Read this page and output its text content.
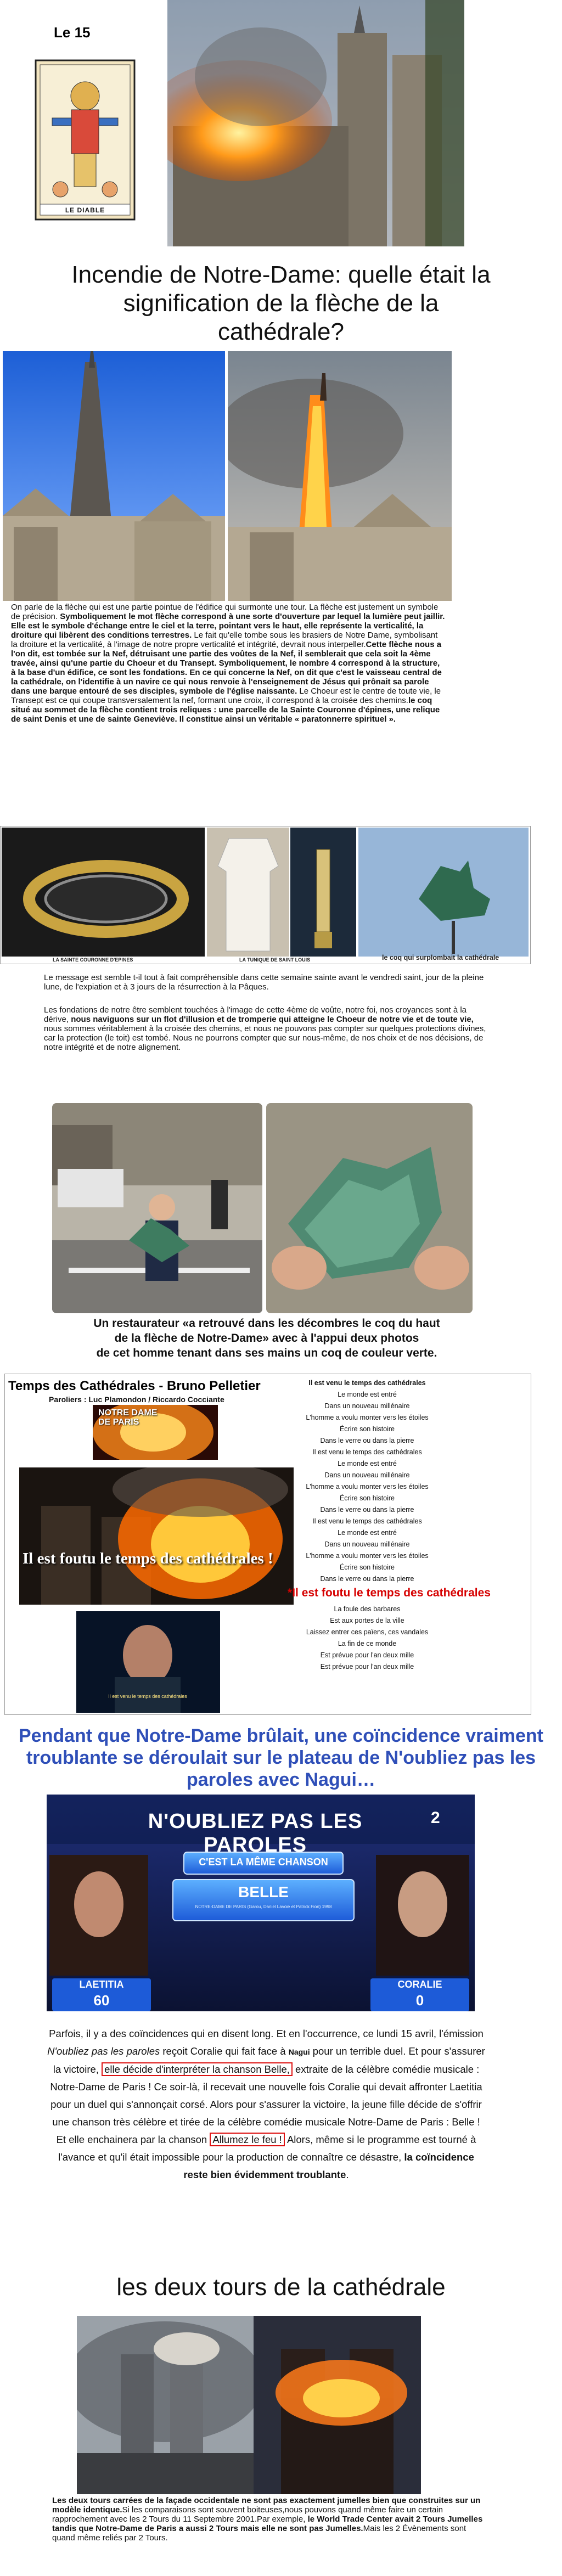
Le 15
LE DIABLE
Incendie de Notre-Dame: quelle était la signification de la flèche de la cathédrale?
On parle de la flèche qui est une partie pointue de l'édifice qui surmonte une tour. La flèche est justement un symbole de précision. Symboliquement le mot flèche correspond à une sorte d'ouverture par lequel la lumière peut jaillir. Elle est le symbole d'échange entre le ciel et la terre, pointant vers le haut, elle représente la verticalité, la droiture qui libèrent des conditions terrestres. Le fait qu'elle tombe sous les brasiers de Notre Dame, symbolisant la droiture et la verticalité, à l'image de notre propre verticalité et intégrité, devrait nous interpeller.Cette flèche nous a l'on dit, est tombée sur la Nef, détruisant une partie des voûtes de la Nef, il semblerait que cela soit la 4ème travée, ainsi qu'une partie du Choeur et du Transept. Symboliquement, le nombre 4 correspond à la structure, à la base d'un édifice, ce sont les fondations. En ce qui concerne la Nef, on dit que c'est le vaisseau central de la cathédrale, on l'identifie à un navire ce qui nous renvoie à l'enseignement de Jésus qui prônait sa parole dans une barque entouré de ses disciples, symbole de l'église naissante. Le Choeur est le centre de toute vie, le Transept est ce qui coupe transversalement la nef, formant une croix, il correspond à la croisée des chemins.le coq situé au sommet de la flèche contient trois reliques : une parcelle de la Sainte Couronne d'épines, une relique de saint Denis et une de sainte Geneviève. Il constitue ainsi un véritable « paratonnerre spirituel ».
LA SAINTE COURONNE D'EPINES	LA TUNIQUE DE SAINT LOUIS	le coq qui surplombait la cathédrale
Le message est semble t-il tout à fait compréhensible dans cette semaine sainte avant le vendredi saint, jour de la pleine lune, de l'expiation et à 3 jours de la résurrection à la Pâques.
Les fondations de notre être semblent touchées à l'image de cette 4ème de voûte, notre foi, nos croyances sont à la dérive, nous naviguons sur un flot d'illusion et de tromperie qui atteigne le Choeur de notre vie et de toute vie, nous sommes véritablement à la croisée des chemins, et nous ne pouvons pas compter sur quelques protections divines, car la protection (le toit) est tombé. Nous ne pourrons compter que sur nous-même, de nos choix et de nos décisions, de notre intégrité et de notre alignement.
Un restaurateur «a retrouvé dans les décombres le coq du haut
de la flèche de Notre-Dame» avec à l'appui deux photos
de cet homme tenant dans ses mains un coq de couleur verte.
Temps des Cathédrales - Bruno Pelletier
Paroliers : Luc Plamondon / Riccardo Cocciante
NOTRE DAME DE PARIS
Il est foutu le temps des cathédrales !
Il est venu le temps des cathédrales
Il est venu le temps des cathédrales
Le monde est entré
Dans un nouveau millénaire
L'homme a voulu monter vers les étoiles
Écrire son histoire
Dans le verre ou dans la pierre
Il est venu le temps des cathédrales
Le monde est entré
Dans un nouveau millénaire
L'homme a voulu monter vers les étoiles
Écrire son histoire
Dans le verre ou dans la pierre
Il est venu le temps des cathédrales
Le monde est entré
Dans un nouveau millénaire
L'homme a voulu monter vers les étoiles
Écrire son histoire
Dans le verre ou dans la pierre
*Il est foutu le temps des cathédrales
La foule des barbares
Est aux portes de la ville
Laissez entrer ces païens, ces vandales
La fin de ce monde
Est prévue pour l'an deux mille
Est prévue pour l'an deux mille
Pendant que Notre-Dame brûlait, une coïncidence vraiment troublante se déroulait sur le plateau de N'oubliez pas les paroles avec Nagui…
N'OUBLIEZ PAS LES PAROLES
2
C'EST LA MÊME CHANSON
BELLE
NOTRE-DAME DE PARIS (Garou, Daniel Lavoie et Patrick Fiori) 1998
LAETITIA
60
CORALIE
0
Parfois, il y a des coïncidences qui en disent long. Et en l'occurrence, ce lundi 15 avril, l'émission N'oubliez pas les paroles reçoit Coralie qui fait face à Nagui pour un terrible duel. Et pour s'assurer la victoire, elle décide d'interpréter la chanson Belle, extraite de la célèbre comédie musicale : Notre-Dame de Paris ! Ce soir-là, il recevait une nouvelle fois Coralie qui devait affronter Laetitia pour un duel qui s'annonçait corsé. Alors pour s'assurer la victoire, la jeune fille décide de s'offrir une chanson très célèbre et tirée de la célèbre comédie musicale Notre-Dame de Paris : Belle ! Et elle enchainera par la chanson Allumez le feu ! Alors, même si le programme est tourné à l'avance et qu'il était impossible pour la production de connaître ce désastre, la coïncidence reste bien évidemment troublante.
les deux tours de la cathédrale
Les deux tours carrées de la façade occidentale ne sont pas exactement jumelles bien que construites sur un modèle identique.Si les comparaisons sont souvent boiteuses,nous pouvons quand même faire un certain rapprochement avec les 2 Tours du 11 Septembre 2001.Par exemple, le World Trade Center avait 2 Tours Jumelles tandis que Notre-Dame de Paris a aussi 2 Tours mais elle ne sont pas Jumelles.Mais les 2 Évènements sont quand même reliés par 2 Tours.
